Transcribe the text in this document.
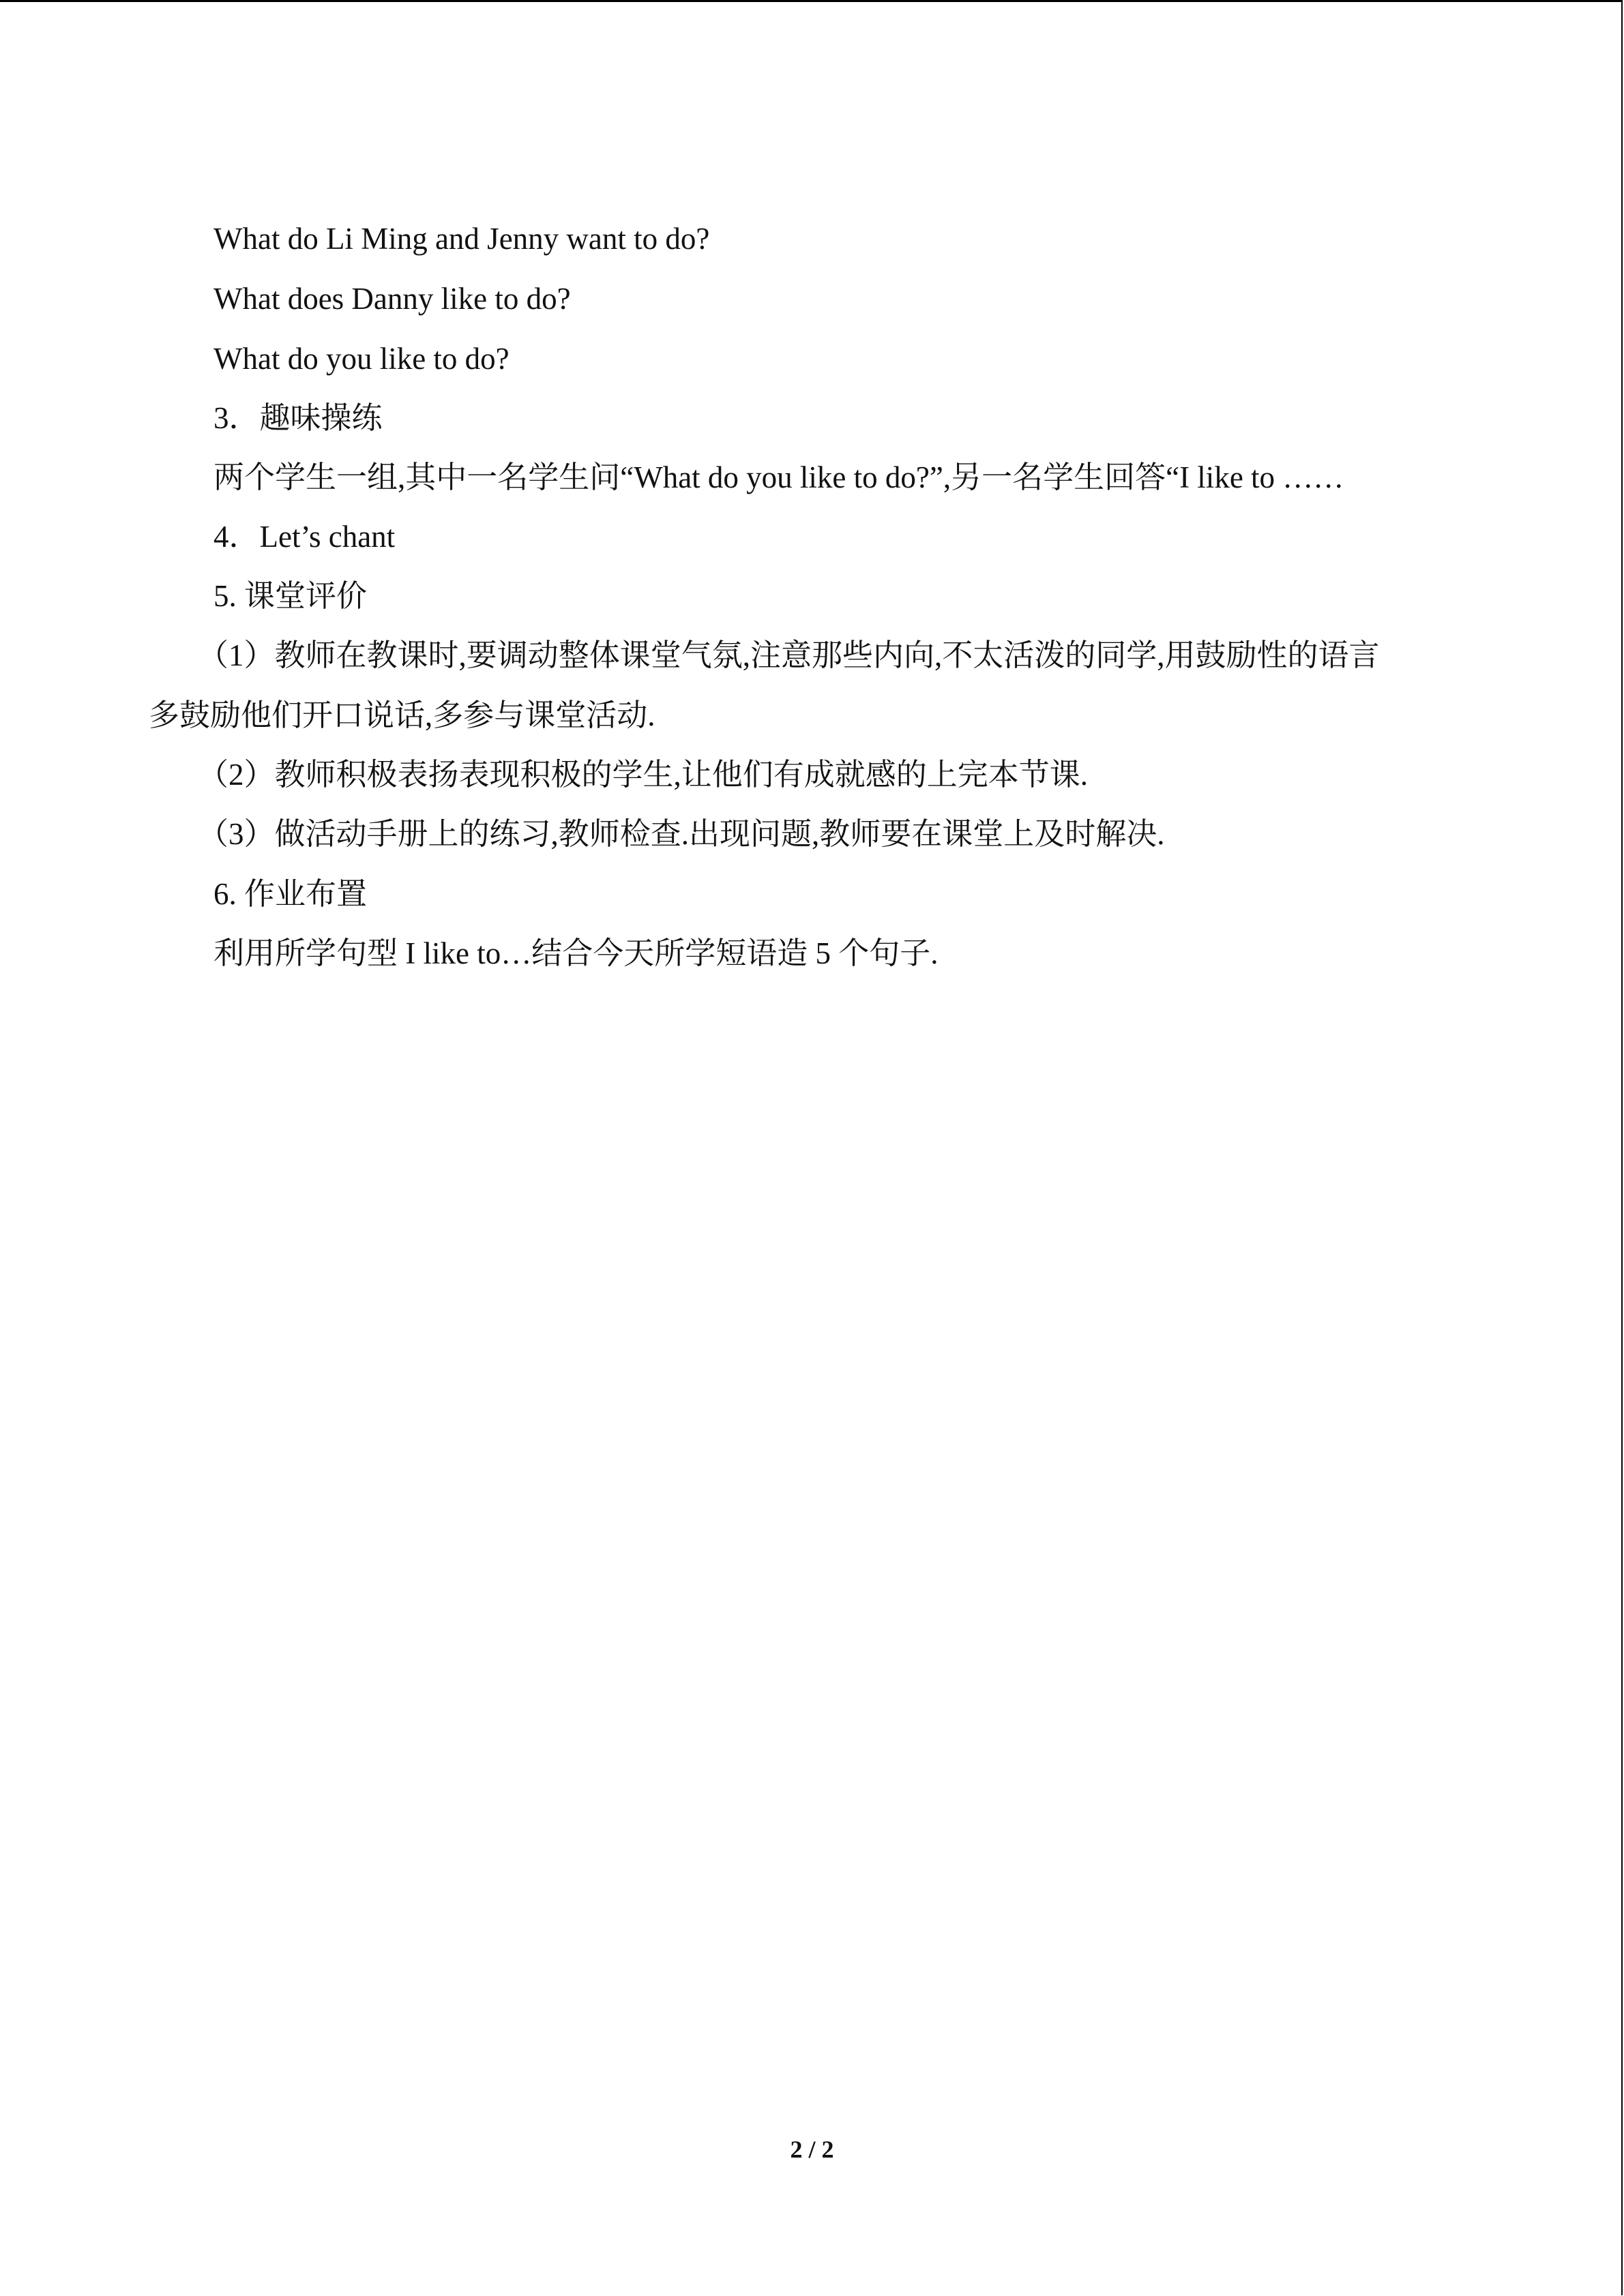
What do Li Ming and Jenny want to do?
What does Danny like to do?
What do you like to do?
3．趣味操练
两个学生一组,其中一名学生问“What do you like to do?”,另一名学生回答“I like to ……
4．Let’s chant
5. 课堂评价
（1）教师在教课时,要调动整体课堂气氛,注意那些内向,不太活泼的同学,用鼓励性的语言
多鼓励他们开口说话,多参与课堂活动.
（2）教师积极表扬表现积极的学生,让他们有成就感的上完本节课.
（3）做活动手册上的练习,教师检查.出现问题,教师要在课堂上及时解决.
6. 作业布置
利用所学句型 I like to…结合今天所学短语造 5 个句子.
2 / 2
